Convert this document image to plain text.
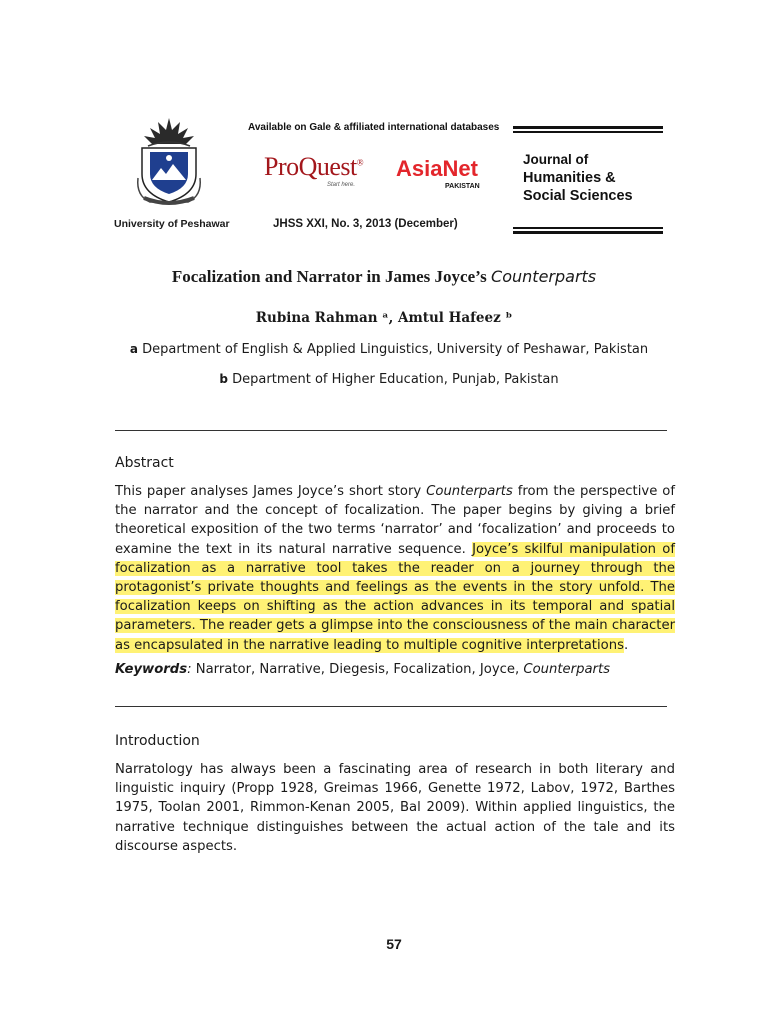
Available on Gale & affiliated international databases
University of Peshawar
ProQuest®
Start here.
AsiaNet
PAKISTAN
Journal of
Humanities &
Social Sciences
JHSS XXI, No. 3, 2013 (December)
Focalization and Narrator in James Joyce’s Counterparts
Rubina Rahman ᵃ, Amtul Hafeez ᵇ
a Department of English & Applied Linguistics, University of Peshawar, Pakistan
b Department of Higher Education, Punjab, Pakistan
Abstract
This paper analyses James Joyce’s short story Counterparts from the perspective of the narrator and the concept of focalization. The paper begins by giving a brief theoretical exposition of the two terms ‘narrator’ and ‘focalization’ and proceeds to examine the text in its natural narrative sequence. Joyce’s skilful manipulation of focalization as a narrative tool takes the reader on a journey through the protagonist’s private thoughts and feelings as the events in the story unfold. The focalization keeps on shifting as the action advances in its temporal and spatial parameters. The reader gets a glimpse into the consciousness of the main character as encapsulated in the narrative leading to multiple cognitive interpretations.
Keywords: Narrator, Narrative, Diegesis, Focalization, Joyce, Counterparts
Introduction
Narratology has always been a fascinating area of research in both literary and linguistic inquiry (Propp 1928, Greimas 1966, Genette 1972, Labov, 1972, Barthes 1975, Toolan 2001, Rimmon-Kenan 2005, Bal 2009). Within applied linguistics, the narrative technique distinguishes between the actual action of the tale and its discourse aspects.
57
